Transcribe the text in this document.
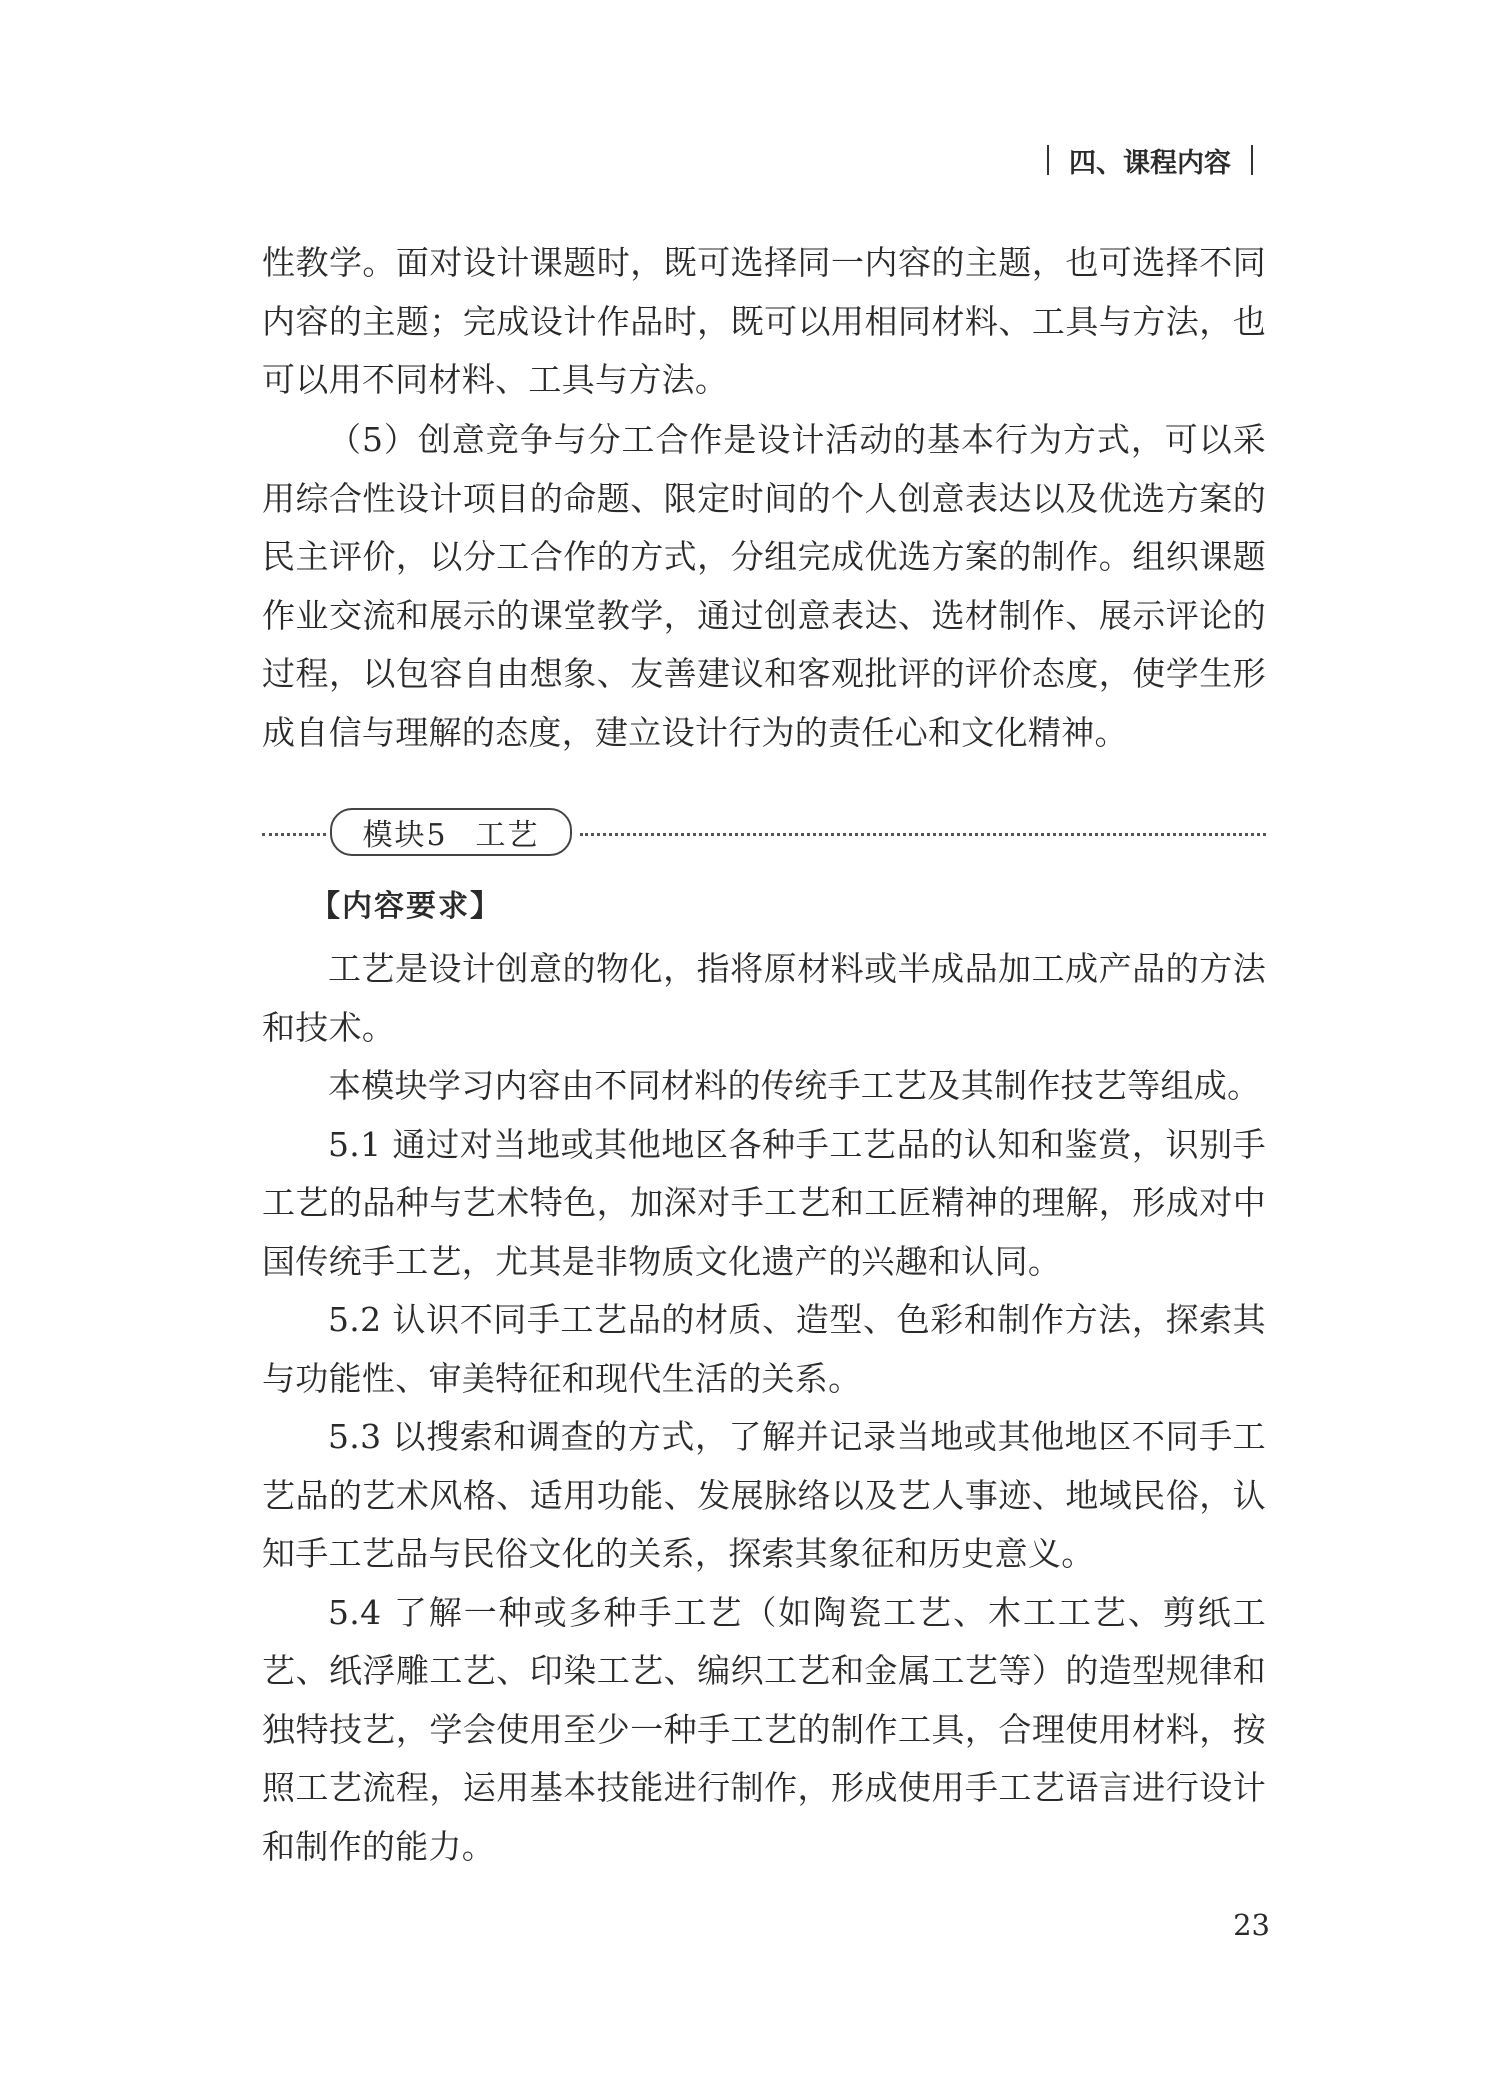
四、课程内容

性教学。面对设计课题时，既可选择同一内容的主题，也可选择不同内容的主题；完成设计作品时，既可以用相同材料、工具与方法，也可以用不同材料、工具与方法。

（5）创意竞争与分工合作是设计活动的基本行为方式，可以采用综合性设计项目的命题、限定时间的个人创意表达以及优选方案的民主评价，以分工合作的方式，分组完成优选方案的制作。组织课题作业交流和展示的课堂教学，通过创意表达、选材制作、展示评论的过程，以包容自由想象、友善建议和客观批评的评价态度，使学生形成自信与理解的态度，建立设计行为的责任心和文化精神。

模块5 工艺
【内容要求】

工艺是设计创意的物化，指将原材料或半成品加工成产品的方法和技术。

本模块学习内容由不同材料的传统手工艺及其制作技艺等组成。

5.1 通过对当地或其他地区各种手工艺品的认知和鉴赏，识别手工艺的品种与艺术特色，加深对手工艺和工匠精神的理解，形成对中国传统手工艺，尤其是非物质文化遗产的兴趣和认同。

5.2 认识不同手工艺品的材质、造型、色彩和制作方法，探索其与功能性、审美特征和现代生活的关系。

5.3 以搜索和调查的方式，了解并记录当地或其他地区不同手工艺品的艺术风格、适用功能、发展脉络以及艺人事迹、地域民俗，认知手工艺品与民俗文化的关系，探索其象征和历史意义。

5.4 了解一种或多种手工艺（如陶瓷工艺、木工工艺、剪纸工艺、纸浮雕工艺、印染工艺、编织工艺和金属工艺等）的造型规律和独特技艺，学会使用至少一种手工艺的制作工具，合理使用材料，按照工艺流程，运用基本技能进行制作，形成使用手工艺语言进行设计和制作的能力。

23
